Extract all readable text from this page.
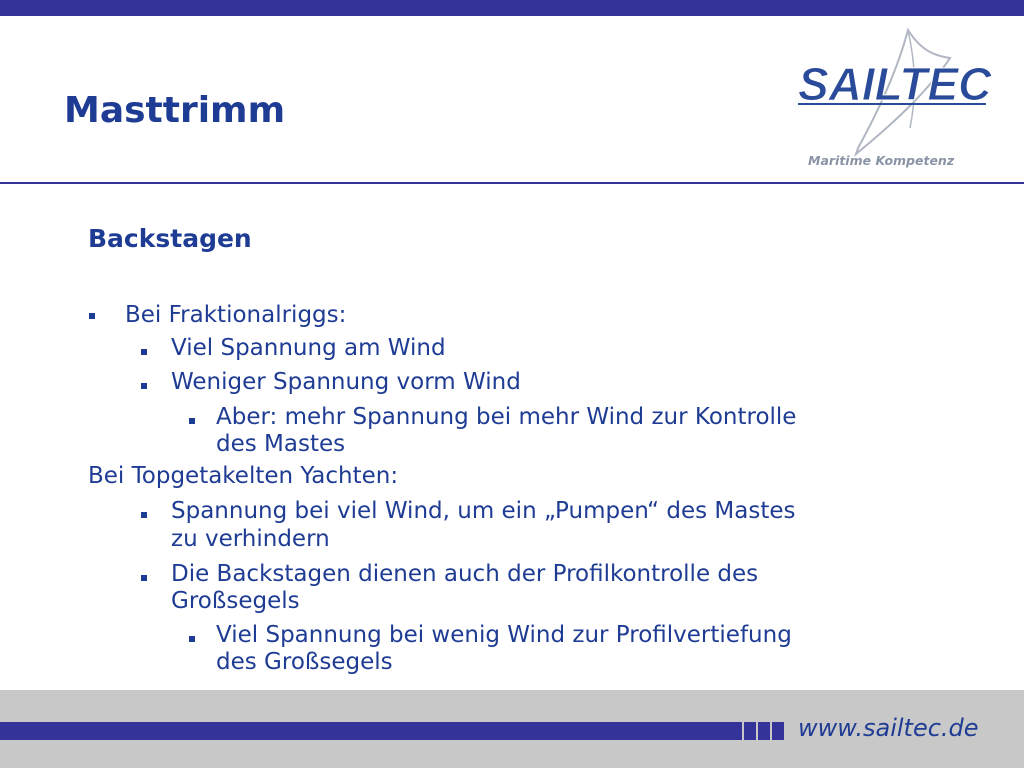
Masttrimm
SAILTEC
Maritime Kompetenz
Backstagen
Bei Fraktionalriggs:
Viel Spannung am Wind
Weniger Spannung vorm Wind
Aber: mehr Spannung bei mehr Wind zur Kontrolle
des Mastes
Bei Topgetakelten Yachten:
Spannung bei viel Wind, um ein „Pumpen“ des Mastes
zu verhindern
Die Backstagen dienen auch der Profilkontrolle des
Großsegels
Viel Spannung bei wenig Wind zur Profilvertiefung
des Großsegels
www.sailtec.de
